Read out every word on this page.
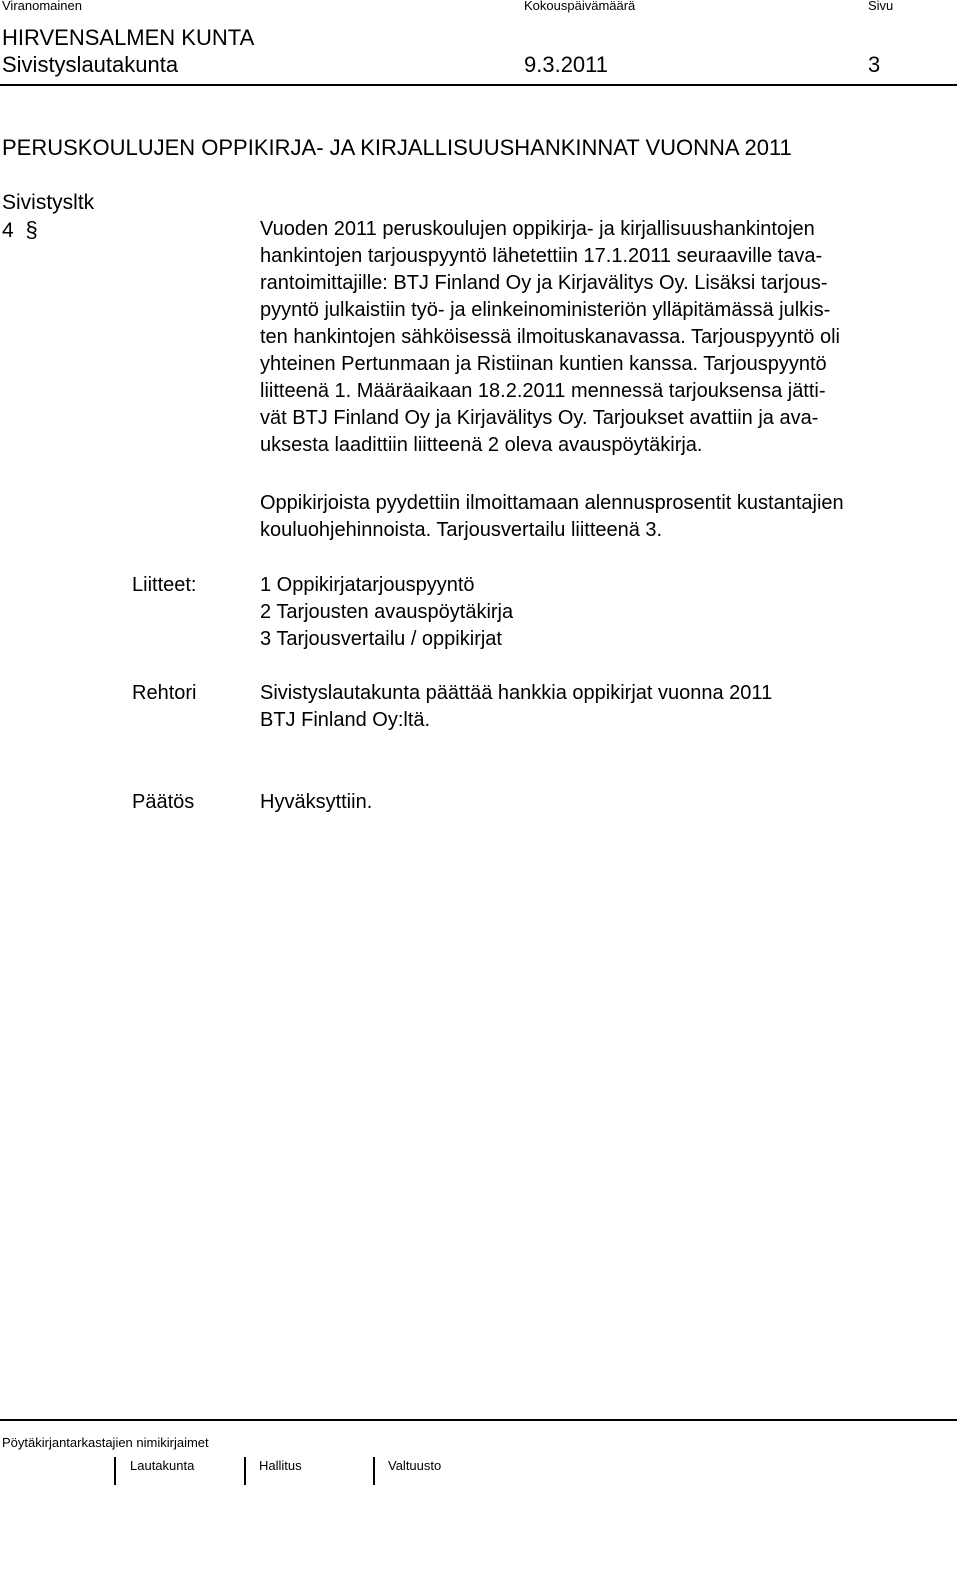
Viranomainen	Kokouspäivämäärä	Sivu
HIRVENSALMEN KUNTA
Sivistyslautakunta	9.3.2011	3
PERUSKOULUJEN OPPIKIRJA- JA KIRJALLISUUSHANKINNAT VUONNA 2011
Sivistysltk
4 §	Vuoden 2011 peruskoulujen oppikirja- ja kirjallisuushankintojen
hankintojen tarjouspyyntö lähetettiin 17.1.2011 seuraaville tava-
rantoimittajille: BTJ Finland Oy ja Kirjavälitys Oy. Lisäksi tarjous-
pyyntö julkaistiin työ- ja elinkeinoministeriön ylläpitämässä julkis-
ten hankintojen sähköisessä ilmoituskanavassa. Tarjouspyyntö oli
yhteinen Pertunmaan ja Ristiinan kuntien kanssa. Tarjouspyyntö
liitteenä 1. Määräaikaan 18.2.2011 mennessä tarjouksensa jätti-
vät BTJ Finland Oy ja Kirjavälitys Oy. Tarjoukset avattiin ja ava-
uksesta laadittiin liitteenä 2 oleva avauspöytäkirja.
Oppikirjoista pyydettiin ilmoittamaan alennusprosentit kustantajien
kouluohjehinnoista. Tarjousvertailu liitteenä 3.
Liitteet:	1 Oppikirjatarjouspyyntö
2 Tarjousten avauspöytäkirja
3 Tarjousvertailu / oppikirjat
Rehtori	Sivistyslautakunta päättää hankkia oppikirjat vuonna 2011
BTJ Finland Oy:ltä.
Päätös	Hyväksyttiin.
Pöytäkirjantarkastajien nimikirjaimet
Lautakunta	Hallitus	Valtuusto
